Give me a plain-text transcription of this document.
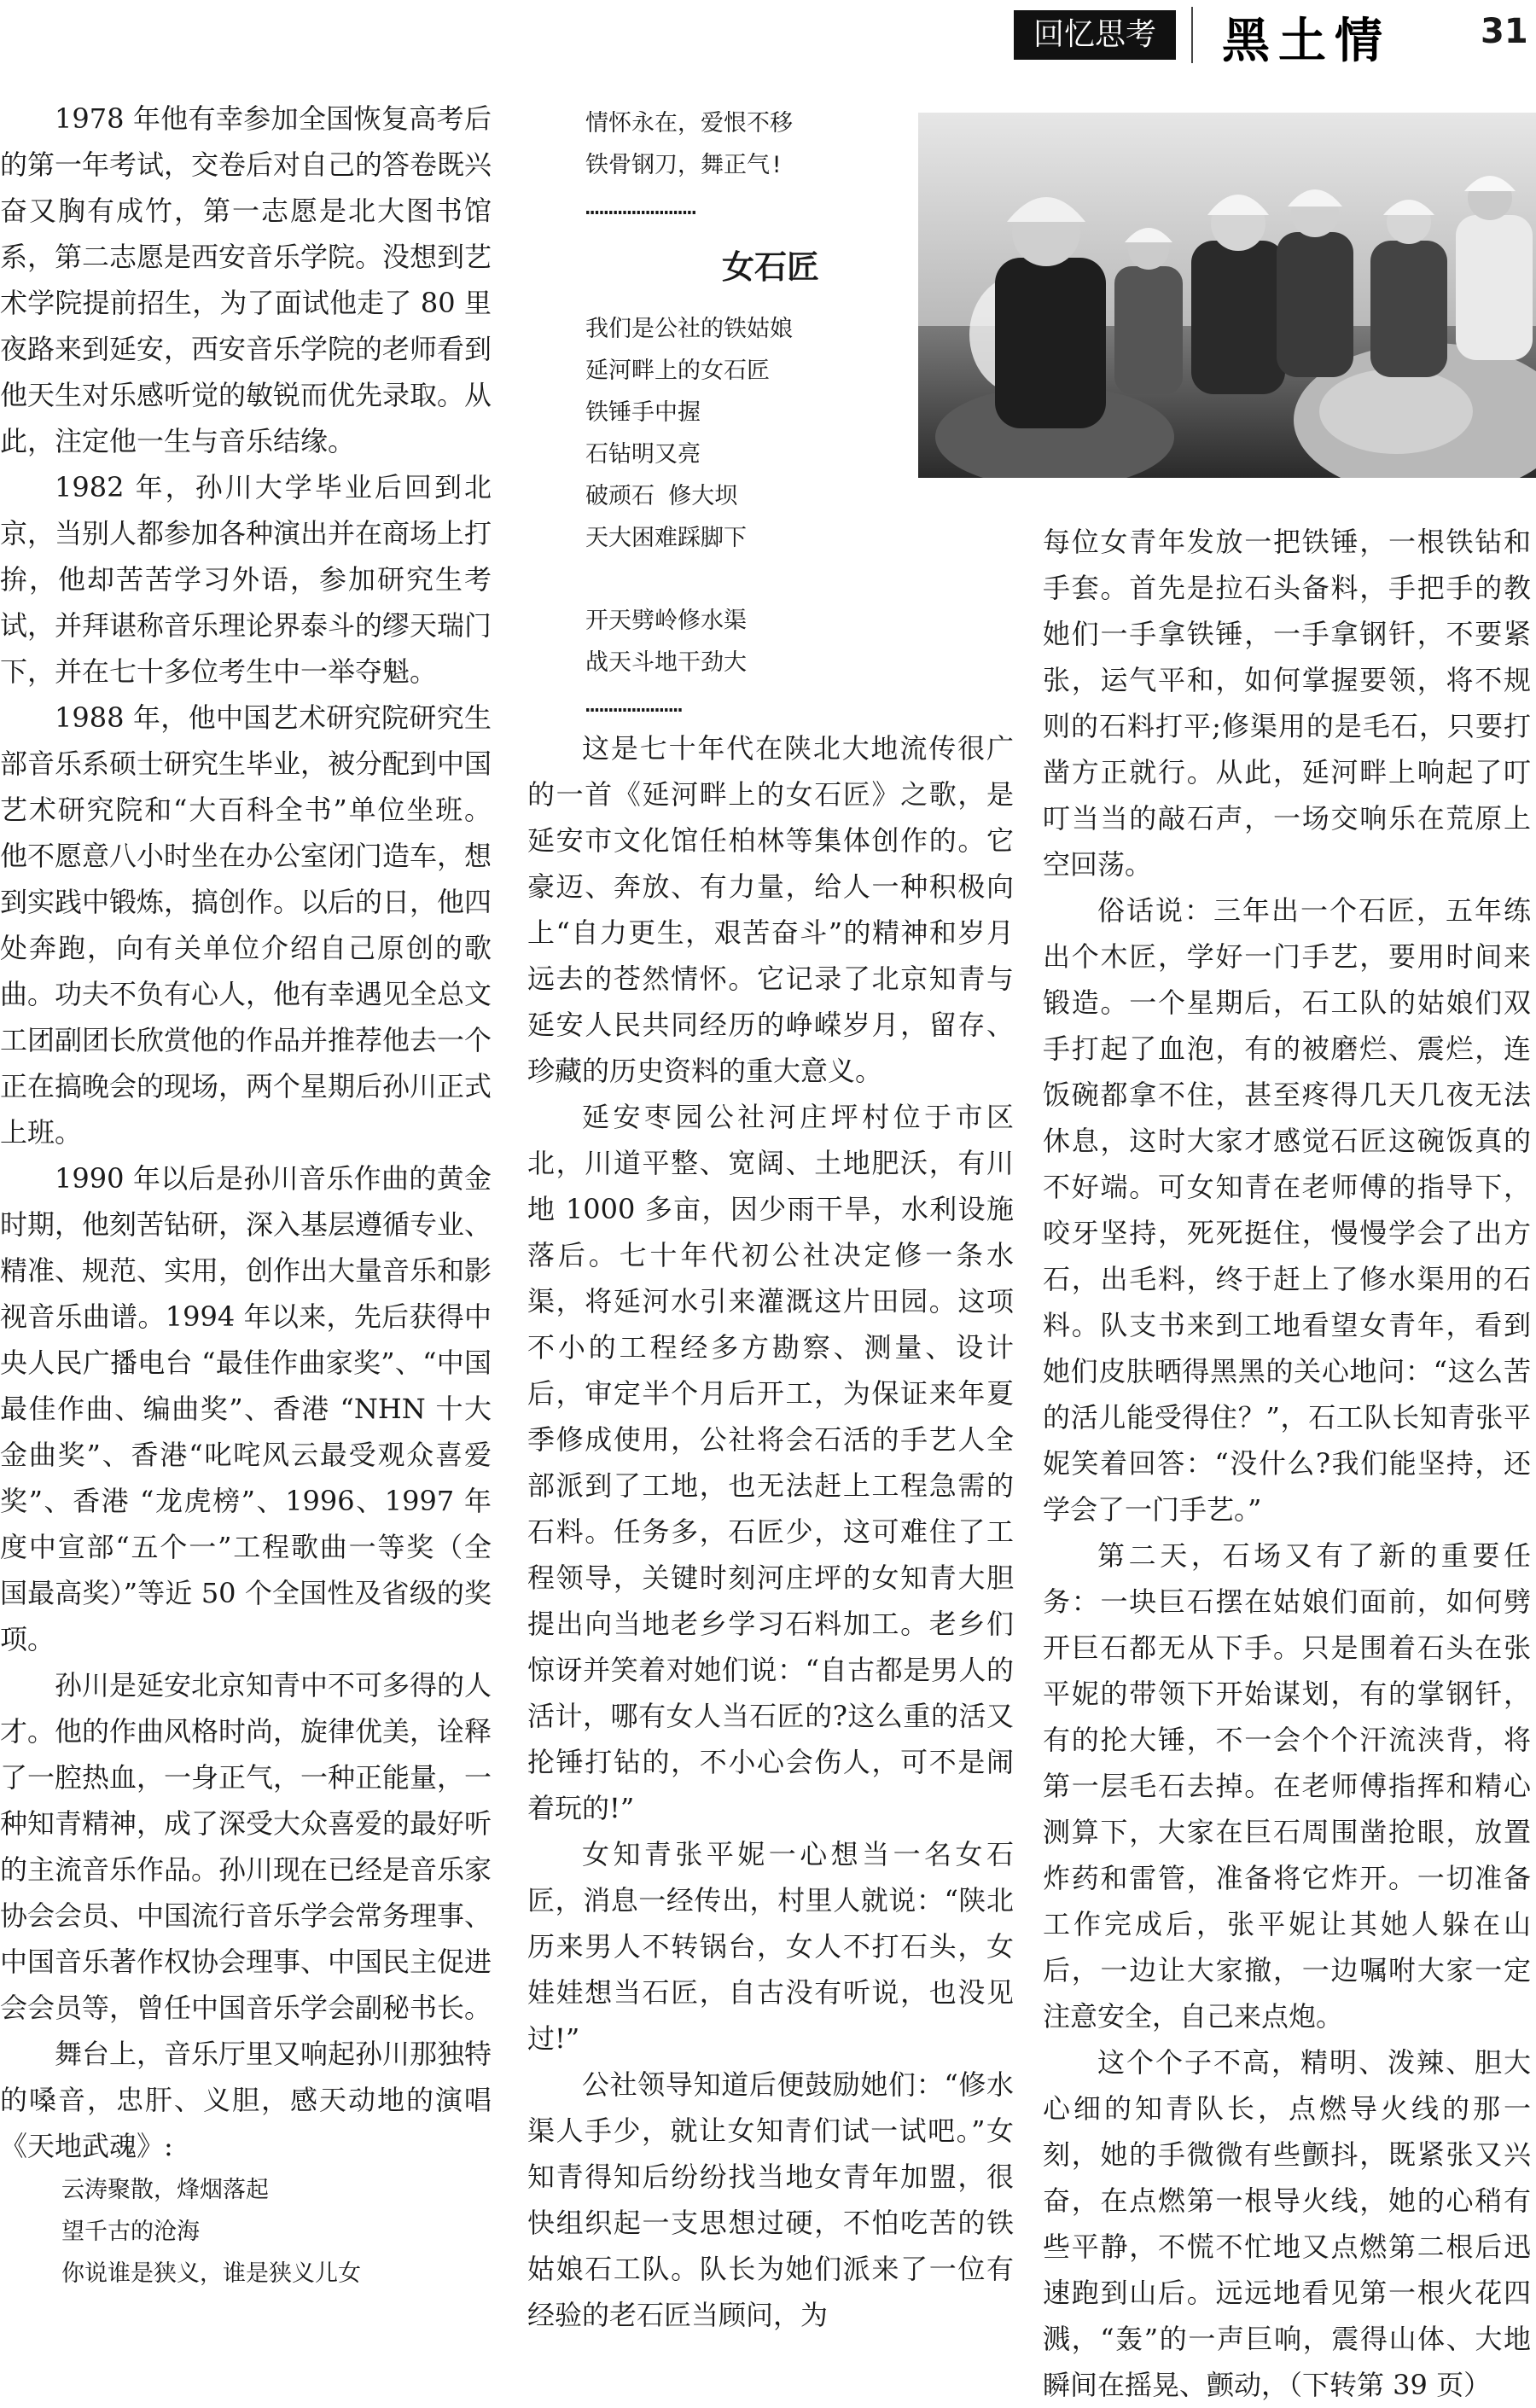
回忆思考	黑土情	31

1978 年他有幸参加全国恢复高考后的第一年考试，交卷后对自己的答卷既兴奋又胸有成竹，第一志愿是北大图书馆系，第二志愿是西安音乐学院。没想到艺术学院提前招生，为了面试他走了 80 里夜路来到延安，西安音乐学院的老师看到他天生对乐感听觉的敏锐而优先录取。从此，注定他一生与音乐结缘。

1982 年，孙川大学毕业后回到北京，当别人都参加各种演出并在商场上打拚，他却苦苦学习外语，参加研究生考试，并拜谌称音乐理论界泰斗的缪天瑞门下，并在七十多位考生中一举夺魁。

1988 年，他中国艺术研究院研究生部音乐系硕士研究生毕业，被分配到中国艺术研究院和“大百科全书”单位坐班。他不愿意八小时坐在办公室闭门造车，想到实践中锻炼，搞创作。以后的日，他四处奔跑，向有关单位介绍自己原创的歌曲。功夫不负有心人，他有幸遇见全总文工团副团长欣赏他的作品并推荐他去一个正在搞晚会的现场，两个星期后孙川正式上班。

1990 年以后是孙川音乐作曲的黄金时期，他刻苦钻研，深入基层遵循专业、精准、规范、实用，创作出大量音乐和影视音乐曲谱。1994 年以来，先后获得中央人民广播电台 “最佳作曲家奖”、“中国最佳作曲、编曲奖”、香港 “NHN 十大金曲奖”、香港“叱咤风云最受观众喜爱奖”、香港 “龙虎榜”、1996、1997 年度中宣部“五个一”工程歌曲一等奖（全国最高奖）”等近 50 个全国性及省级的奖项。

孙川是延安北京知青中不可多得的人才。他的作曲风格时尚，旋律优美，诠释了一腔热血，一身正气，一种正能量，一种知青精神，成了深受大众喜爱的最好听的主流音乐作品。孙川现在已经是音乐家协会会员、中国流行音乐学会常务理事、中国音乐著作权协会理事、中国民主促进会会员等，曾任中国音乐学会副秘书长。

舞台上，音乐厅里又响起孙川那独特的嗓音，忠肝、义胆，感天动地的演唱《天地武魂》:

云涛聚散，烽烟落起
望千古的沧海
你说谁是狭义，谁是狭义儿女
情怀永在，爱恨不移
铁骨钢刀，舞正气!
……………………
女石匠
我们是公社的铁姑娘
延河畔上的女石匠
铁锤手中握
石钻明又亮
破顽石 修大坝
天大困难踩脚下
开天劈岭修水渠
战天斗地干劲大
…………………

这是七十年代在陕北大地流传很广的一首《延河畔上的女石匠》之歌，是延安市文化馆任柏林等集体创作的。它豪迈、奔放、有力量，给人一种积极向上“自力更生，艰苦奋斗”的精神和岁月远去的苍然情怀。它记录了北京知青与延安人民共同经历的峥嵘岁月，留存、珍藏的历史资料的重大意义。

延安枣园公社河庄坪村位于市区北，川道平整、宽阔、土地肥沃，有川地 1000 多亩，因少雨干旱，水利设施落后。七十年代初公社决定修一条水渠，将延河水引来灌溉这片田园。这项不小的工程经多方勘察、测量、设计后，审定半个月后开工，为保证来年夏季修成使用，公社将会石活的手艺人全部派到了工地，也无法赶上工程急需的石料。任务多，石匠少，这可难住了工程领导，关键时刻河庄坪的女知青大胆提出向当地老乡学习石料加工。老乡们惊讶并笑着对她们说：“自古都是男人的活计，哪有女人当石匠的?这么重的活又抡锤打钻的，不小心会伤人，可不是闹着玩的!”

女知青张平妮一心想当一名女石匠，消息一经传出，村里人就说：“陕北历来男人不转锅台，女人不打石头，女娃娃想当石匠，自古没有听说，也没见过!”

公社领导知道后便鼓励她们：“修水渠人手少，就让女知青们试一试吧。”女知青得知后纷纷找当地女青年加盟，很快组织起一支思想过硬，不怕吃苦的铁姑娘石工队。队长为她们派来了一位有经验的老石匠当顾问，为

每位女青年发放一把铁锤，一根铁钻和手套。首先是拉石头备料，手把手的教她们一手拿铁锤，一手拿钢钎，不要紧张，运气平和，如何掌握要领，将不规则的石料打平;修渠用的是毛石，只要打凿方正就行。从此，延河畔上响起了叮叮当当的敲石声，一场交响乐在荒原上空回荡。

俗话说：三年出一个石匠，五年练出个木匠，学好一门手艺，要用时间来锻造。一个星期后，石工队的姑娘们双手打起了血泡，有的被磨烂、震烂，连饭碗都拿不住，甚至疼得几天几夜无法休息，这时大家才感觉石匠这碗饭真的不好端。可女知青在老师傅的指导下，咬牙坚持，死死挺住，慢慢学会了出方石，出毛料，终于赶上了修水渠用的石料。队支书来到工地看望女青年，看到她们皮肤晒得黑黑的关心地问：“这么苦的活儿能受得住？”，石工队长知青张平妮笑着回答：“没什么?我们能坚持，还学会了一门手艺。”

第二天，石场又有了新的重要任务：一块巨石摆在姑娘们面前，如何劈开巨石都无从下手。只是围着石头在张平妮的带领下开始谋划，有的掌钢钎，有的抡大锤，不一会个个汗流浃背，将第一层毛石去掉。在老师傅指挥和精心测算下，大家在巨石周围凿抢眼，放置炸药和雷管，准备将它炸开。一切准备工作完成后，张平妮让其她人躲在山后，一边让大家撤，一边嘱咐大家一定注意安全，自己来点炮。

这个个子不高，精明、泼辣、胆大心细的知青队长，点燃导火线的那一刻，她的手微微有些颤抖，既紧张又兴奋，在点燃第一根导火线，她的心稍有些平静，不慌不忙地又点燃第二根后迅速跑到山后。远远地看见第一根火花四溅，“轰”的一声巨响，震得山体、大地瞬间在摇晃、颤动，（下转第 39 页）
